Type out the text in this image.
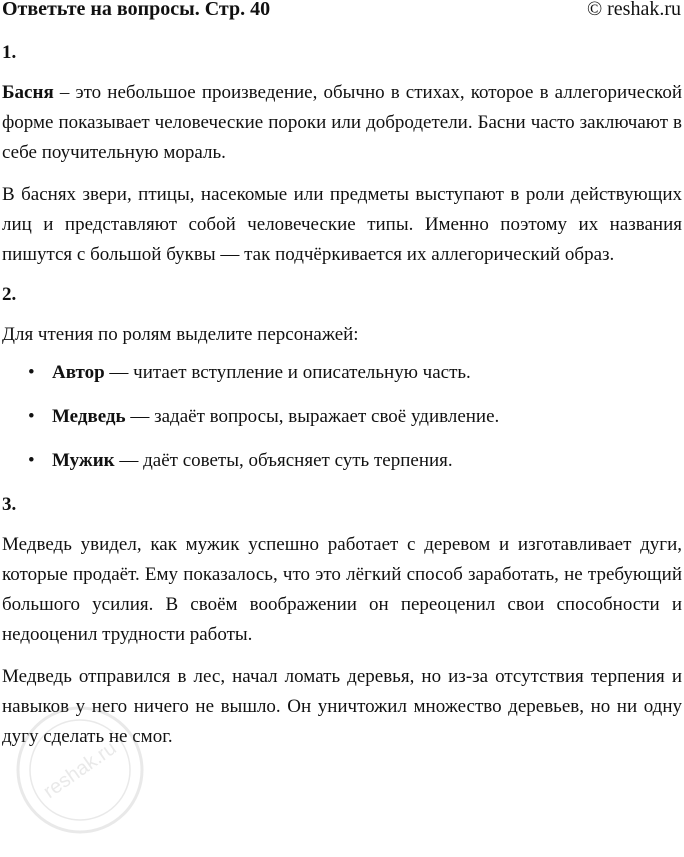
Ответьте на вопросы. Стр. 40	© reshak.ru
1.

Басня – это небольшое произведение, обычно в стихах, которое в аллегорической форме показывает человеческие пороки или добродетели. Басни часто заключают в себе поучительную мораль.

В баснях звери, птицы, насекомые или предметы выступают в роли действующих лиц и представляют собой человеческие типы. Именно поэтому их названия пишутся с большой буквы — так подчёркивается их аллегорический образ.

2.

Для чтения по ролям выделите персонажей:

• Автор — читает вступление и описательную часть.
• Медведь — задаёт вопросы, выражает своё удивление.
• Мужик — даёт советы, объясняет суть терпения.
3.

Медведь увидел, как мужик успешно работает с деревом и изготавливает дуги, которые продаёт. Ему показалось, что это лёгкий способ заработать, не требующий большого усилия. В своём воображении он переоценил свои способности и недооценил трудности работы.

Медведь отправился в лес, начал ломать деревья, но из-за отсутствия терпения и навыков у него ничего не вышло. Он уничтожил множество деревьев, но ни одну дугу сделать не смог.

reshak.ru
